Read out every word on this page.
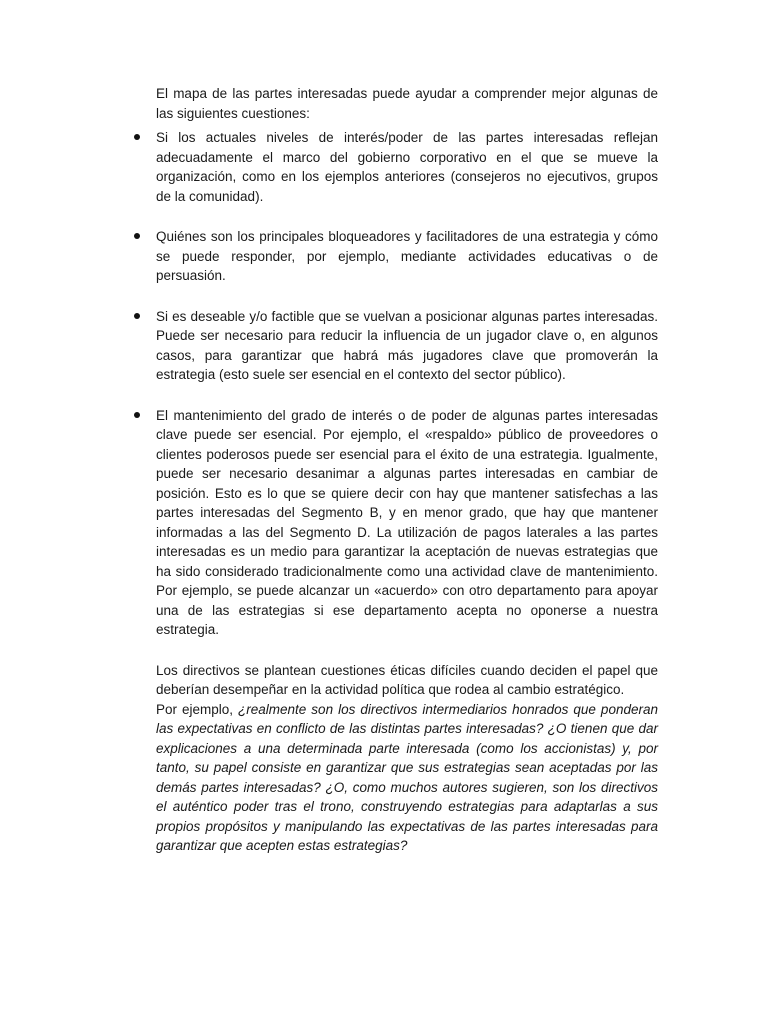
El mapa de las partes interesadas puede ayudar a comprender mejor algunas de las siguientes cuestiones:

Si los actuales niveles de interés/poder de las partes interesadas reflejan adecuadamente el marco del gobierno corporativo en el que se mueve la organización, como en los ejemplos anteriores (consejeros no ejecutivos, grupos de la comunidad).

Quiénes son los principales bloqueadores y facilitadores de una estrategia y cómo se puede responder, por ejemplo, mediante actividades educativas o de persuasión.

Si es deseable y/o factible que se vuelvan a posicionar algunas partes interesadas. Puede ser necesario para reducir la influencia de un jugador clave o, en algunos casos, para garantizar que habrá más jugadores clave que promoverán la estrategia (esto suele ser esencial en el contexto del sector público).

El mantenimiento del grado de interés o de poder de algunas partes interesadas clave puede ser esencial. Por ejemplo, el «respaldo» público de proveedores o clientes poderosos puede ser esencial para el éxito de una estrategia. Igualmente, puede ser necesario desanimar a algunas partes interesadas en cambiar de posición. Esto es lo que se quiere decir con hay que mantener satisfechas a las partes interesadas del Segmento B, y en menor grado, que hay que mantener informadas a las del Segmento D. La utilización de pagos laterales a las partes interesadas es un medio para garantizar la aceptación de nuevas estrategias que ha sido considerado tradicionalmente como una actividad clave de mantenimiento. Por ejemplo, se puede alcanzar un «acuerdo» con otro departamento para apoyar una de las estrategias si ese departamento acepta no oponerse a nuestra estrategia.

Los directivos se plantean cuestiones éticas difíciles cuando deciden el papel que deberían desempeñar en la actividad política que rodea al cambio estratégico.

Por ejemplo, ¿realmente son los directivos intermediarios honrados que ponderan las expectativas en conflicto de las distintas partes interesadas? ¿O tienen que dar explicaciones a una determinada parte interesada (como los accionistas) y, por tanto, su papel consiste en garantizar que sus estrategias sean aceptadas por las demás partes interesadas? ¿O, como muchos autores sugieren, son los directivos el auténtico poder tras el trono, construyendo estrategias para adaptarlas a sus propios propósitos y manipulando las expectativas de las partes interesadas para garantizar que acepten estas estrategias?
